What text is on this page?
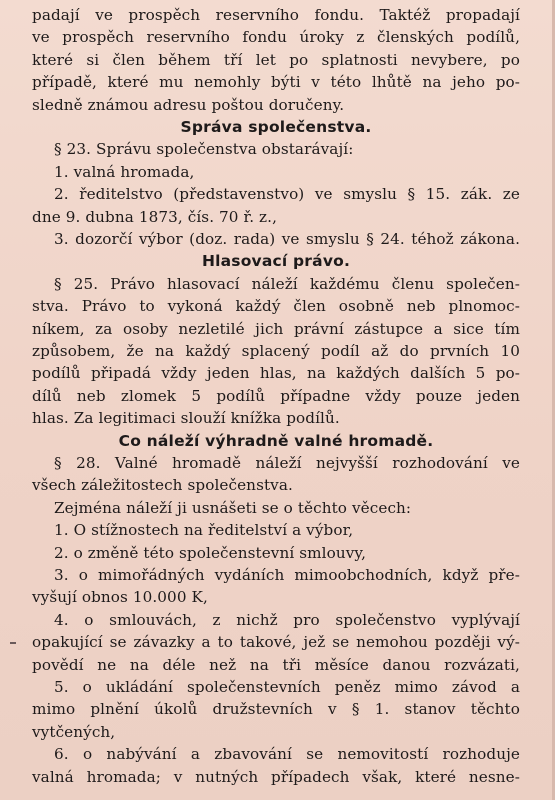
padají ve prospěch reservního fondu. Taktéž propadají
ve prospěch reservního fondu úroky z členských podílů,
které si člen během tří let po splatnosti nevybere, po
případě, které mu nemohly býti v této lhůtě na jeho po-
sledně známou adresu poštou doručeny.
Správa společenstva.
§ 23. Správu společenstva obstarávají:
1. valná hromada,
2. ředitelstvo (představenstvo) ve smyslu § 15. zák. ze
dne 9. dubna 1873, čís. 70 ř. z.,
3. dozorčí výbor (doz. rada) ve smyslu § 24. téhož zákona.
Hlasovací právo.
§ 25. Právo hlasovací náleží každému členu společen-
stva. Právo to vykoná každý člen osobně neb plnomoc-
níkem, za osoby nezletilé jich právní zástupce a sice tím
způsobem, že na každý splacený podíl až do prvních 10
podílů připadá vždy jeden hlas, na každých dalších 5 po-
dílů neb zlomek 5 podílů případne vždy pouze jeden
hlas. Za legitimaci slouží knížka podílů.
Co náleží výhradně valné hromadě.
§ 28. Valné hromadě náleží nejvyšší rozhodování ve
všech záležitostech společenstva.
Zejména náleží ji usnášeti se o těchto věcech:
1. O stížnostech na ředitelství a výbor,
2. o změně této společenstevní smlouvy,
3. o mimořádných vydáních mimoobchodních, když pře-
vyšují obnos 10.000 K,
4. o smlouvách, z nichž pro společenstvo vyplývají
opakující se závazky a to takové, jež se nemohou později vý-
povědí ne na déle než na tři měsíce danou rozvázati,
5. o ukládání společenstevních peněz mimo závod a
mimo plnění úkolů družstevních v § 1. stanov těchto
vytčených,
6. o nabývání a zbavování se nemovitostí rozhoduje
valná hromada; v nutných případech však, které nesne-
